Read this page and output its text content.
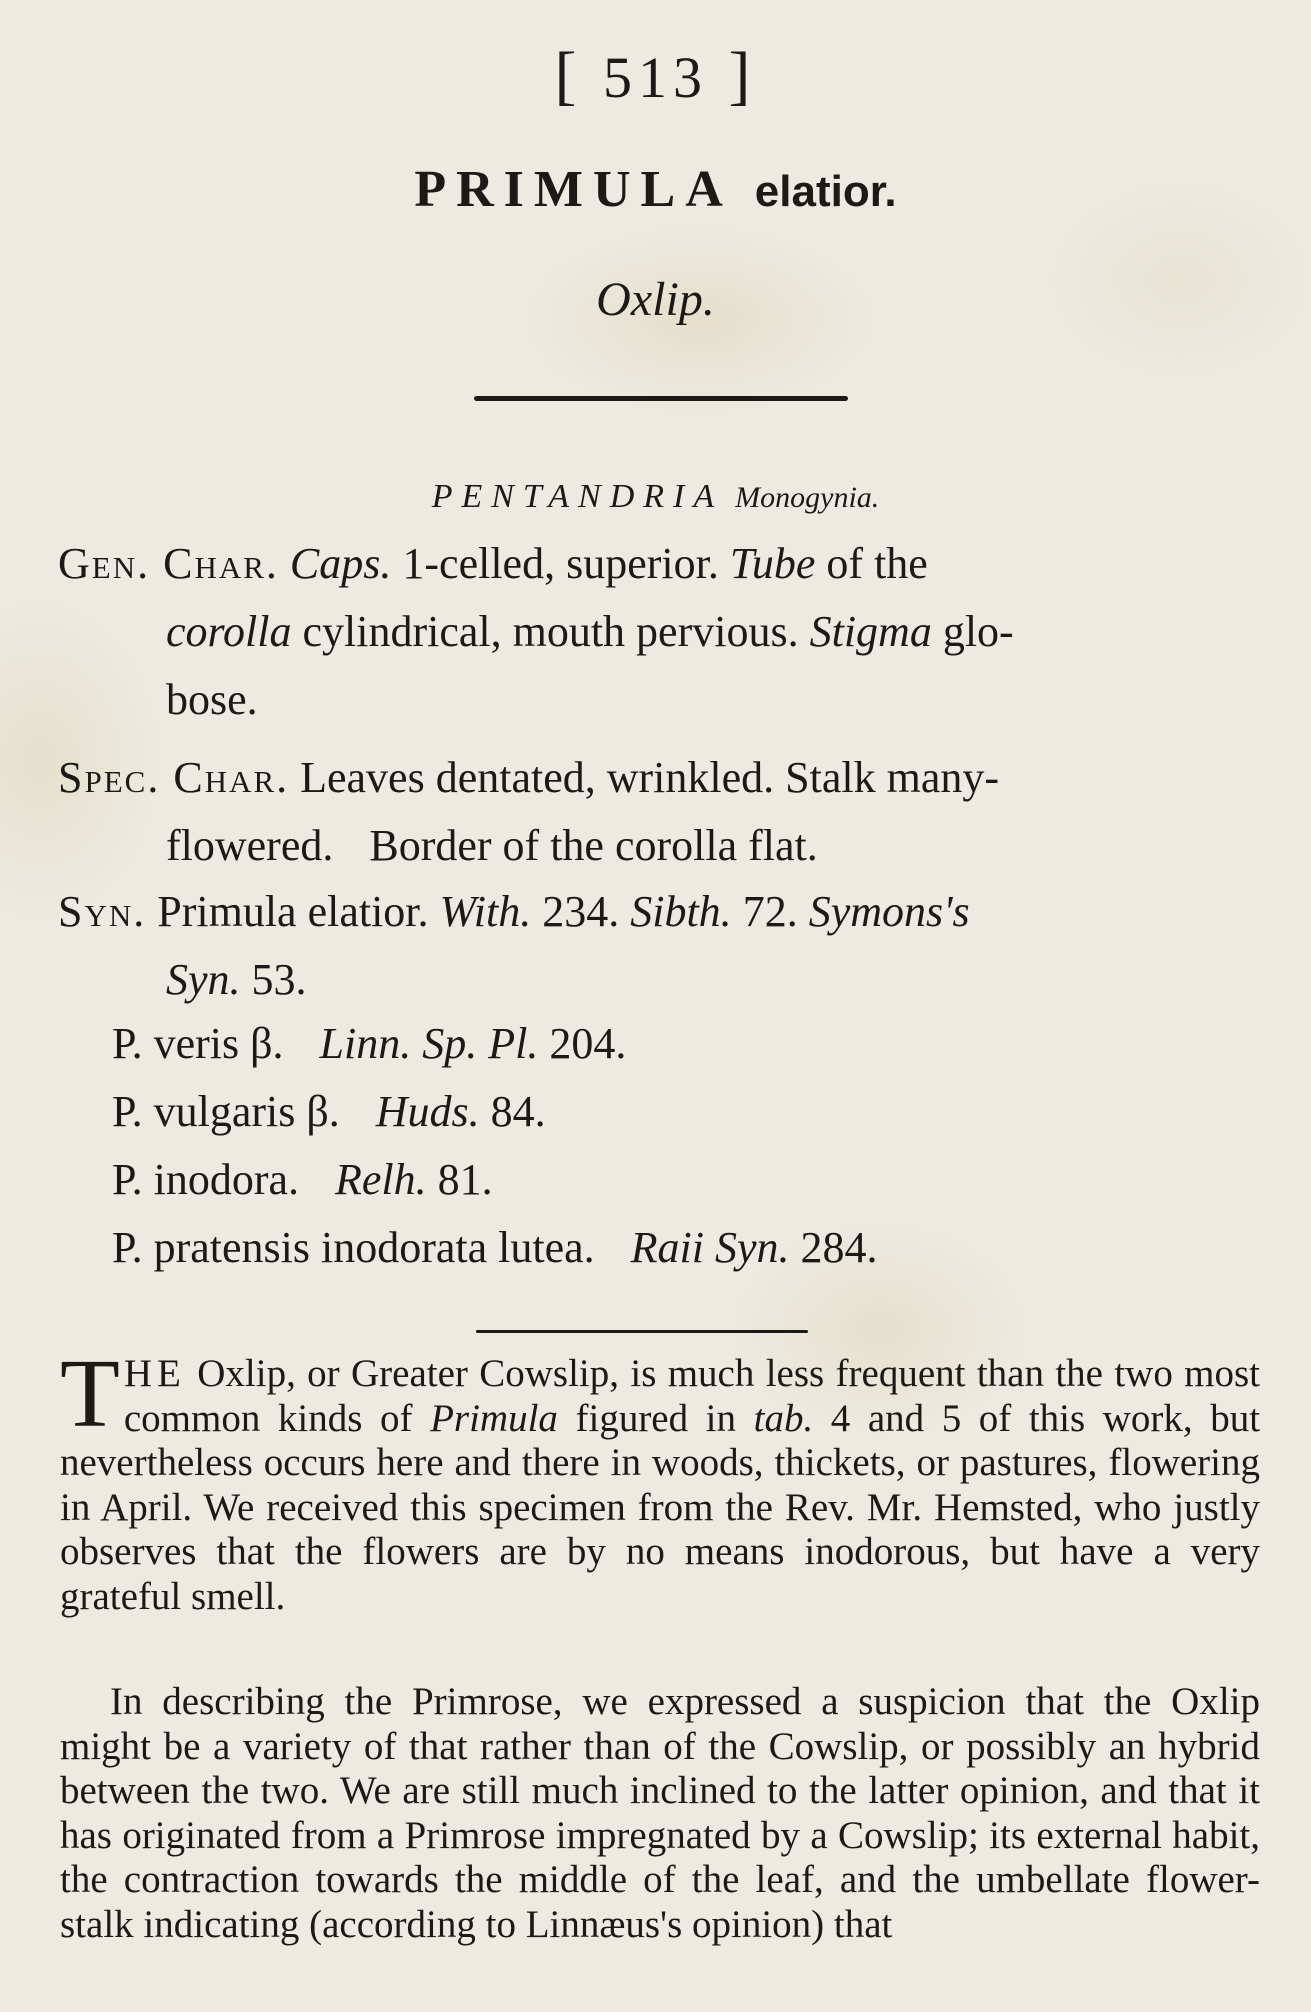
[ 513 ]
PRIMULA elatior.
Oxlip.
PENTANDRIA Monogynia.
Gen. Char. Caps. 1-celled, superior. Tube of the
corolla cylindrical, mouth pervious. Stigma glo-
bose.
Spec. Char. Leaves dentated, wrinkled. Stalk many-
flowered. Border of the corolla flat.
Syn. Primula elatior. With. 234. Sibth. 72. Symons's
Syn. 53.
P. veris β. Linn. Sp. Pl. 204.
P. vulgaris β. Huds. 84.
P. inodora. Relh. 81.
P. pratensis inodorata lutea. Raii Syn. 284.
THE Oxlip, or Greater Cowslip, is much less frequent than the two most common kinds of Primula figured in tab. 4 and 5 of this work, but nevertheless occurs here and there in woods, thickets, or pastures, flowering in April. We received this specimen from the Rev. Mr. Hemsted, who justly observes that the flowers are by no means inodorous, but have a very grateful smell.
In describing the Primrose, we expressed a suspicion that the Oxlip might be a variety of that rather than of the Cowslip, or possibly an hybrid between the two. We are still much inclined to the latter opinion, and that it has originated from a Primrose impregnated by a Cowslip; its external habit, the contraction towards the middle of the leaf, and the umbellate flower-stalk indicating (according to Linnæus's opinion) that
